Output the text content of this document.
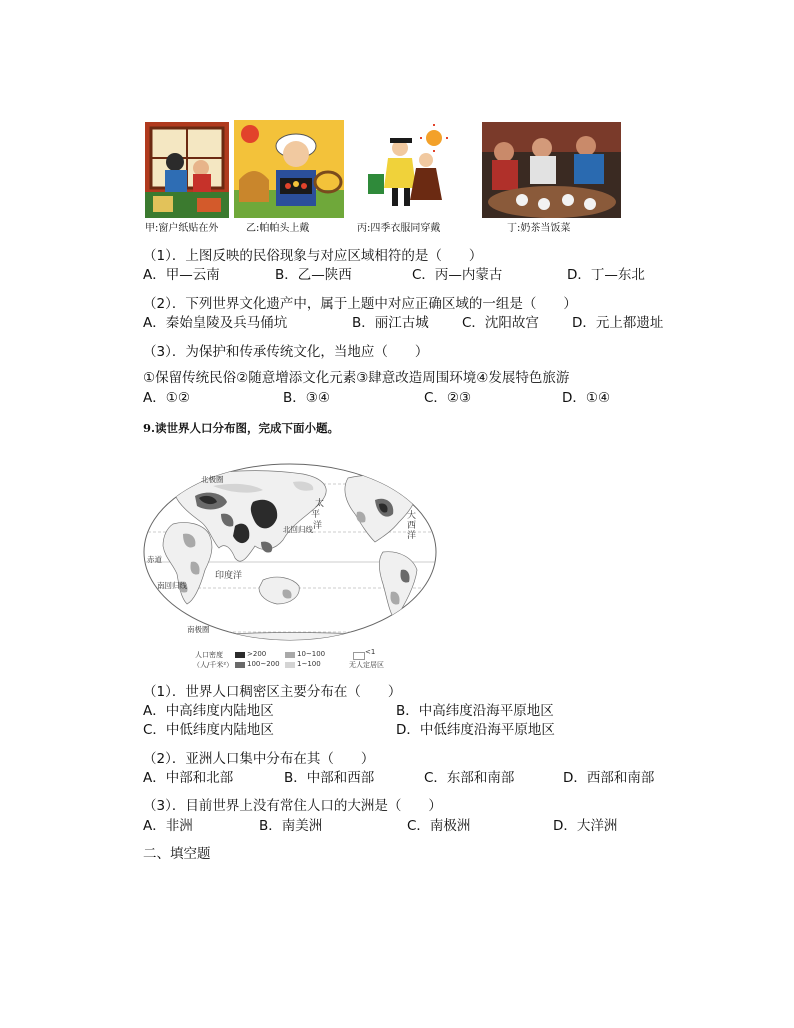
甲:窗户纸贴在外	乙:帕帕头上戴	丙:四季衣服同穿戴	丁:奶茶当饭菜
（1）．上图反映的民俗现象与对应区域相符的是（　　）
A．甲—云南	B．乙—陕西	C．丙—内蒙古	D．丁—东北
（2）．下列世界文化遗产中，属于上题中对应正确区域的一组是（　　）
A．秦始皇陵及兵马俑坑	B．丽江古城 C．沈阳故宫 D．元上都遗址
（3）．为保护和传承传统文化，当地应（　　）
①保留传统民俗②随意增添文化元素③肆意改造周围环境④发展特色旅游
A．①②	B．③④	C．②③	D．①④
9.读世界人口分布图，完成下面小题。
北极圈
北回归线
赤道
南回归线
南极圈
太
平
洋
大
西
洋
印度洋
人口密度
（人/千米²）
>200
100~200
10~100
1~100
<1
无人定居区
（1）．世界人口稠密区主要分布在（　　）
A．中高纬度内陆地区	B．中高纬度沿海平原地区
C．中低纬度内陆地区	D．中低纬度沿海平原地区
（2）．亚洲人口集中分布在其（　　）
A．中部和北部	B．中部和西部	C．东部和南部	D．西部和南部
（3）．目前世界上没有常住人口的大洲是（　　）
A．非洲	B．南美洲	C．南极洲	D．大洋洲
二、填空题
